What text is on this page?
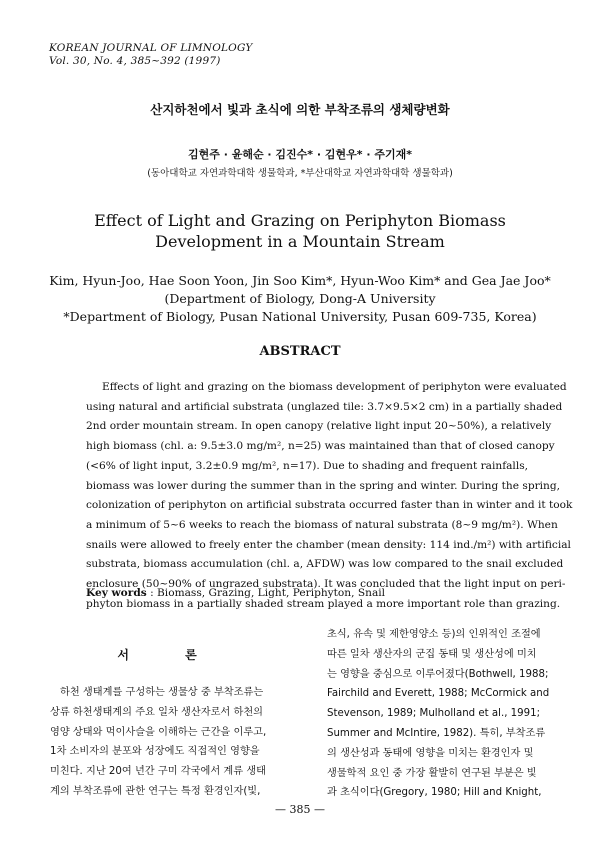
KOREAN JOURNAL OF LIMNOLOGY
Vol. 30, No. 4, 385~392 (1997)
산지하천에서 빛과 초식에 의한 부착조류의 생체량변화
김현주 · 윤해순 · 김진수* · 김현우* · 주기재*
(동아대학교 자연과학대학 생물학과, *부산대학교 자연과학대학 생물학과)
Effect of Light and Grazing on Periphyton Biomass
Development in a Mountain Stream
Kim, Hyun-Joo, Hae Soon Yoon, Jin Soo Kim*, Hyun-Woo Kim* and Gea Jae Joo*
(Department of Biology, Dong-A University
*Department of Biology, Pusan National University, Pusan 609-735, Korea)
ABSTRACT
Effects of light and grazing on the biomass development of periphyton were evaluated
using natural and artificial substrata (unglazed tile: 3.7×9.5×2 cm) in a partially shaded
2nd order mountain stream. In open canopy (relative light input 20~50%), a relatively
high biomass (chl. a: 9.5±3.0 mg/m², n=25) was maintained than that of closed canopy
(<6% of light input, 3.2±0.9 mg/m², n=17). Due to shading and frequent rainfalls,
biomass was lower during the summer than in the spring and winter. During the spring,
colonization of periphyton on artificial substrata occurred faster than in winter and it took
a minimum of 5~6 weeks to reach the biomass of natural substrata (8~9 mg/m²). When
snails were allowed to freely enter the chamber (mean density: 114 ind./m²) with artificial
substrata, biomass accumulation (chl. a, AFDW) was low compared to the snail excluded
enclosure (50~90% of ungrazed substrata). It was concluded that the light input on peri-
phyton biomass in a partially shaded stream played a more important role than grazing.
Key words : Biomass, Grazing, Light, Periphyton, Snail
서 론
하천 생태계를 구성하는 생물상 중 부착조류는
상류 하천생태계의 주요 일차 생산자로서 하천의
영양 상태와 먹이사슬을 이해하는 근간을 이루고,
1차 소비자의 분포와 성장에도 직접적인 영향을
미친다. 지난 20여 년간 구미 각국에서 계류 생태
계의 부착조류에 관한 연구는 특정 환경인자(빛,
초식, 유속 및 제한영양소 등)의 인위적인 조절에
따른 일차 생산자의 군집 동태 및 생산성에 미치
는 영향을 중심으로 이루어졌다(Bothwell, 1988;
Fairchild and Everett, 1988; McCormick and
Stevenson, 1989; Mulholland et al., 1991;
Summer and McIntire, 1982). 특히, 부착조류
의 생산성과 동태에 영향을 미치는 환경인자 및
생물학적 요인 중 가장 활발히 연구된 부분은 빛
과 초식이다(Gregory, 1980; Hill and Knight,
— 385 —
